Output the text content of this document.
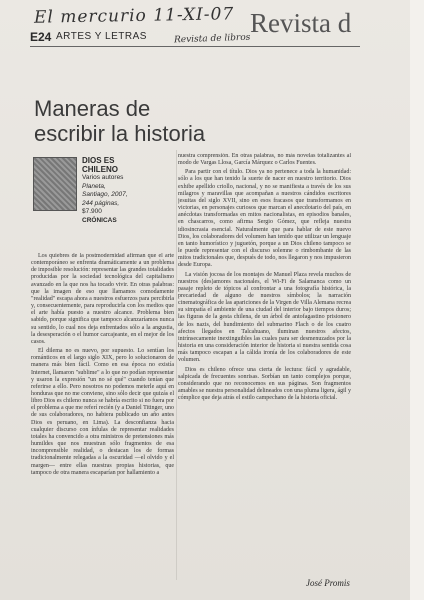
El mercurio 11-XI-07 Revista d
E24 ARTES Y LETRAS	Revista de libros
Maneras de
escribir la historia
DIOS ES
CHILENO
Varios autores
Planeta,
Santiago, 2007,
244 páginas,
$7.900
CRÓNICAS

Los quiebres de la postmodernidad afirman que el arte contemporáneo se enfrenta dramáticamente a un problema de imposible resolución: representar las grandes totalidades producidas por la sociedad tecnológica del capitalismo avanzado en la que nos ha tocado vivir. En otras palabras: que la imagen de eso que llamamos comodamente "realidad" escapa ahora a nuestros esfuerzos para percibirla y, consecuentemente, para reproducirla con los medios que el arte había puesto a nuestro alcance. Problema bien sabido, porque significa que tampoco alcanzaríamos nunca su sentido, lo cual nos deja enfrentados sólo a la angustia, la desesperación o el humor carcajeante, en el mejor de los casos.

El dilema no es nuevo, por supuesto. Lo sentían los románticos en el largo siglo XIX, pero lo solucionaron de manera más bien fácil. Como en esa época no existía Internet, llamaron "sublime" a lo que no podían representar y usaron la expresión "un no sé qué" cuando tenían que referirse a ello. Pero nosotros no podemos meterle aquí en honduras que no me conviene, sino sólo decir que quizás el libro Dios es chileno nunca se habría escrito si no fuera por el problema a que me referí recién (y a Daniel Titinger, uno de sus colaboradores, no habiera publicado un año antes Dios es peruano, en Lima). La desconfianza hacia cualquier discurso con ínfulas de representar realidades totales ha convencido a otra ministros de pretensiones más humildes que nos muestran sólo fragmentos de esa incomprensible realidad, o destacan los de formas tradicionalmente relegadas a la oscuridad —el olvido y el margen— entre ellas nuestras propias historias, que tampoco de otra manera escaparían por hallamiento a

nuestra comprensión. En otras palabras, no más novelas totalizantes al modo de Vargas Llosa, García Márquez o Carlos Fuentes.

Para partir con el título. Dios ya no pertenece a toda la humanidad: sólo a los que han tenido la suerte de nacer en nuestro territorio. Dios exhibe apellido criollo, nacional, y no se manifiesta a través de los sus milagros y maravillas que acompañan a nuestros cándidos escritores jesuitas del siglo XVII, sino en esos fracasos que transformamos en victorias, en personajes curiosos que marcan el anecdotario del país, en anécdotas transformadas en mitos nacionalistas, en episodios banales, en chascarros, como afirma Sergio Gómez, que refleja nuestra idiosincrasia esencial. Naturalmente que para hablar de este nuevo Dios, los colaboradores del volumen han tenido que utilizar un lenguaje en tanto humorístico y juguetón, porque a un Dios chileno tampoco se le puede representar con el discurso solemne o rimbombante de las mitos tradicionales que, después de todo, nos llegaron y nos impusieron desde Europa.

La visión jocosa de los montajes de Manuel Plaza revela muchos de nuestros (des)amores nacionales, el Wi-Fi de Salamanca como un pasaje repleto de tópicos al confrontar a una fotografía histórica, la precariedad de alguno de nuestros símbolos; la narración cinematográfica de las apariciones de la Virgen de Villa Alemana recrea su simpatía el ambiente de una ciudad del interior bajo tiempos duros; las figuras de la gesta chilena, de un árbol de antofagastino prisionero de los nazis, del hundimiento del submarino Flach o de los cuatro afectos llegados en Talcahuano, iluminan nuestros afectos, intrínsecamente inextinguibles las cuales para ser desmenuzados por la historia en una consideración interior de historia si nuestra sentida cosa más tampoco escapan a la cálida ironía de los colaboradores de este volumen.

Dios es chileno ofrece una cierta de lectura: fácil y agradable, salpicada de frecuentes sonrisas. Sorbían un tanto complejos porque, considerando que no reconocemos en sus páginas. Son fragmentos amables se nuestra personalidad delineados con una pluma ligera, ágil y cómplice que deja atrás el estilo campechano de la historia oficial.

José Promis
